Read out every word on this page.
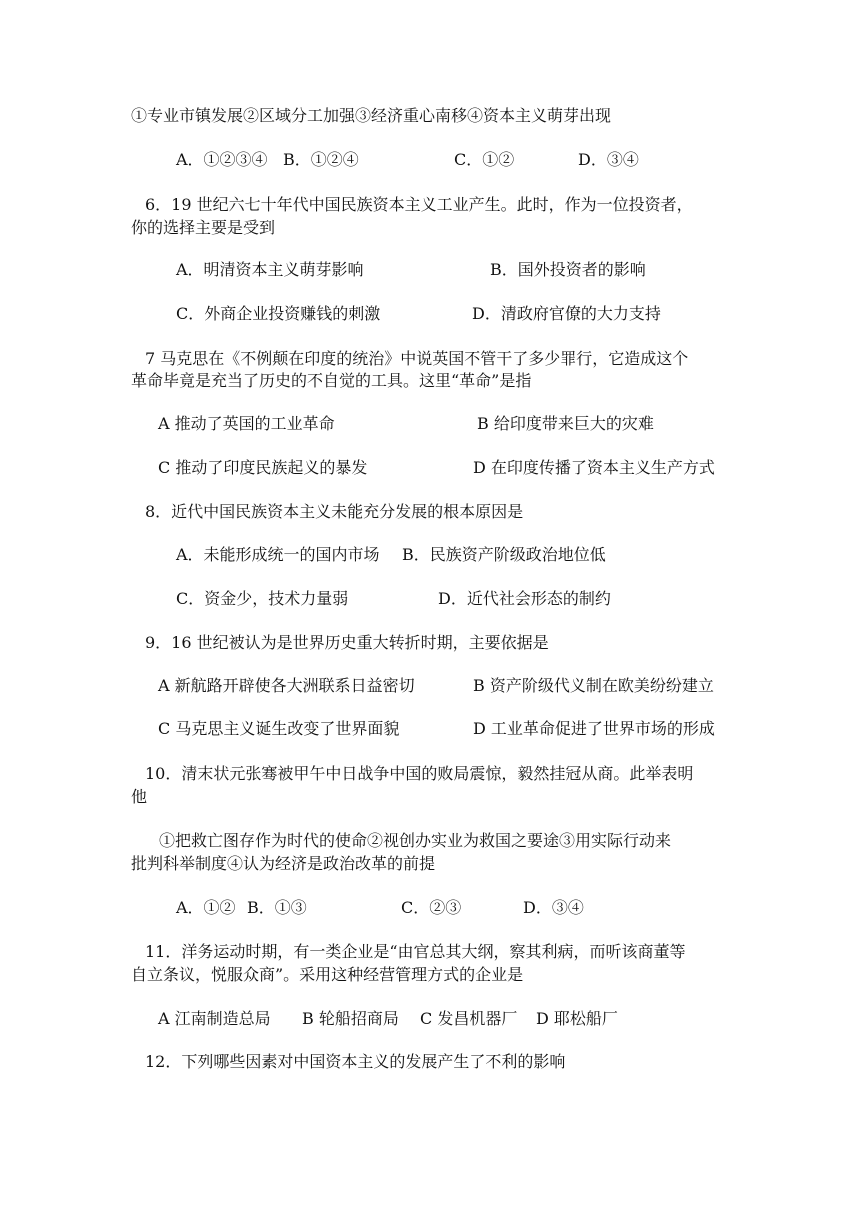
①专业市镇发展②区域分工加强③经济重心南移④资本主义萌芽出现
A．①②③④ B．①②④	C．①②	D．③④
6．19 世纪六七十年代中国民族资本主义工业产生。此时，作为一位投资者，
你的选择主要是受到
A．明清资本主义萌芽影响	B．国外投资者的影响
C．外商企业投资赚钱的刺激	D．清政府官僚的大力支持
7 马克思在《不例颠在印度的统治》中说英国不管干了多少罪行，它造成这个
革命毕竟是充当了历史的不自觉的工具。这里“革命”是指
A 推动了英国的工业革命	B 给印度带来巨大的灾难
C 推动了印度民族起义的暴发	D 在印度传播了资本主义生产方式
8．近代中国民族资本主义未能充分发展的根本原因是
A．未能形成统一的国内市场 B．民族资产阶级政治地位低
C．资金少，技术力量弱	D．近代社会形态的制约
9．16 世纪被认为是世界历史重大转折时期，主要依据是
A 新航路开辟使各大洲联系日益密切	B 资产阶级代义制在欧美纷纷建立
C 马克思主义诞生改变了世界面貌	D 工业革命促进了世界市场的形成
10．清末状元张骞被甲午中日战争中国的败局震惊，毅然挂冠从商。此举表明
他
①把救亡图存作为时代的使命②视创办实业为救国之要途③用实际行动来
批判科举制度④认为经济是政治改革的前提
A．①② B．①③	C．②③	D．③④
11．洋务运动时期，有一类企业是“由官总其大纲，察其利病，而听该商董等
自立条议，悦服众商”。采用这种经营管理方式的企业是
A 江南制造总局 B 轮船招商局 C 发昌机器厂 D 耶松船厂
12．下列哪些因素对中国资本主义的发展产生了不利的影响
